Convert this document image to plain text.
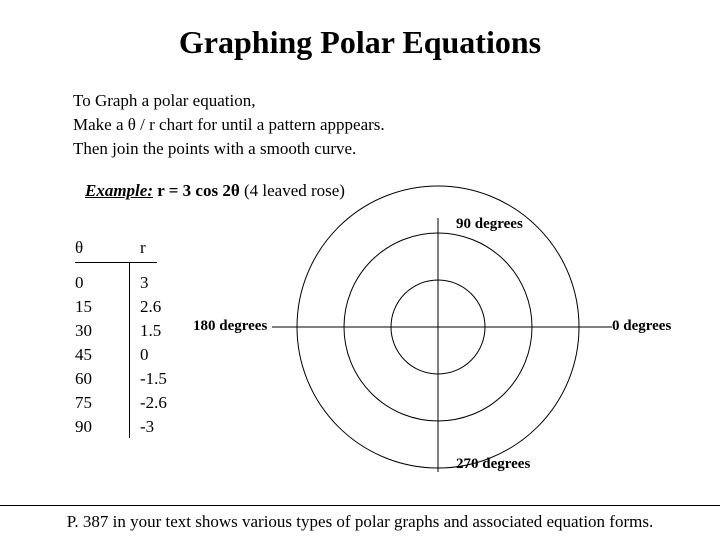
Graphing Polar Equations
To Graph a polar equation,
Make a θ / r chart for until a pattern apppears.
Then join the points with a smooth curve.
Example: r = 3 cos 2θ (4 leaved rose)
θ	r
0
15
30
45
60
75
90
3
2.6
1.5
0
-1.5
-2.6
-3
90 degrees
180 degrees	0 degrees
270 degrees
P. 387 in your text shows various types of polar graphs and associated equation forms.
